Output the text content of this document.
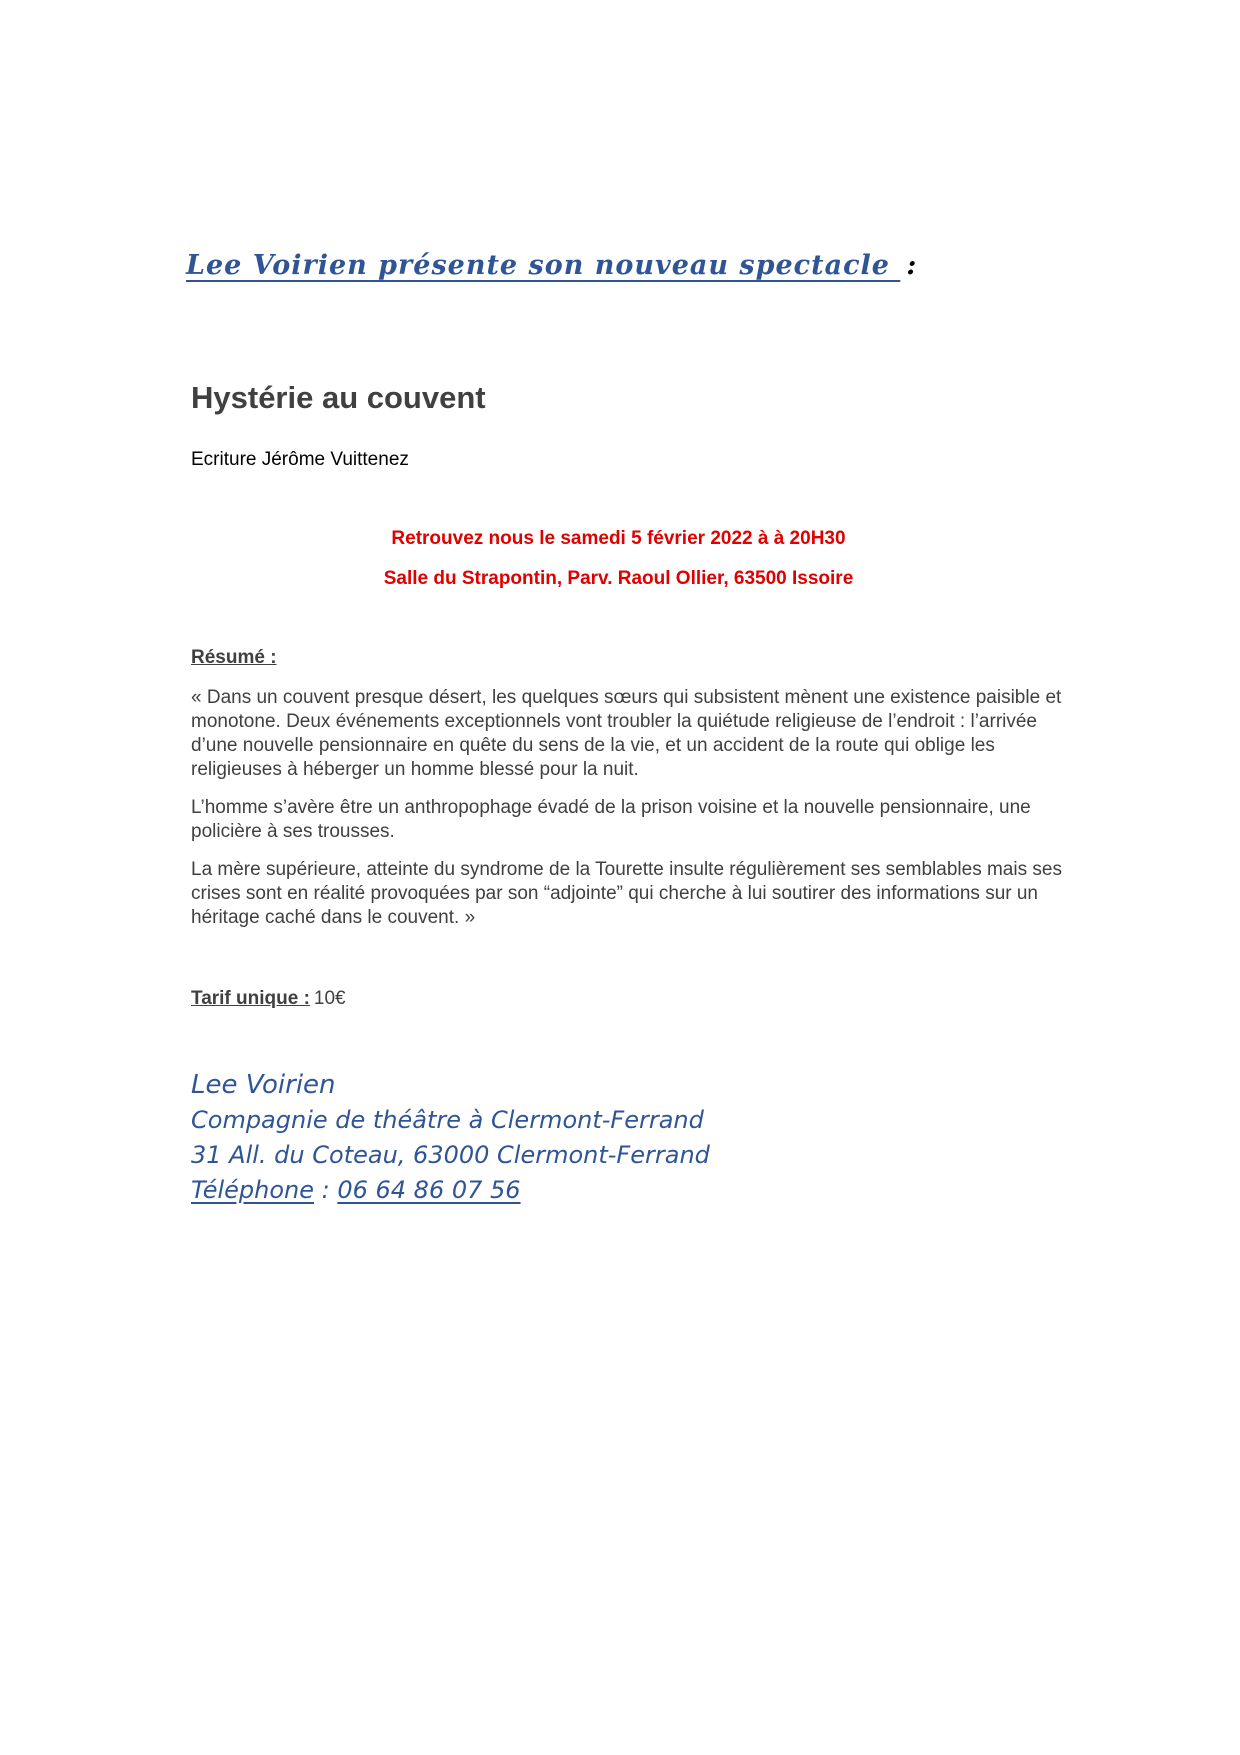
Lee Voirien présente son nouveau spectacle :
Hystérie au couvent
Ecriture Jérôme Vuittenez
Retrouvez nous le samedi 5 février 2022 à à 20H30
Salle du Strapontin, Parv. Raoul Ollier, 63500 Issoire
Résumé :

« Dans un couvent presque désert, les quelques sœurs qui subsistent mènent une existence paisible et monotone. Deux événements exceptionnels vont troubler la quiétude religieuse de l’endroit : l’arrivée d’une nouvelle pensionnaire en quête du sens de la vie, et un accident de la route qui oblige les religieuses à héberger un homme blessé pour la nuit.

L’homme s’avère être un anthropophage évadé de la prison voisine et la nouvelle pensionnaire, une policière à ses trousses.

La mère supérieure, atteinte du syndrome de la Tourette insulte régulièrement ses semblables mais ses crises sont en réalité provoquées par son “adjointe” qui cherche à lui soutirer des informations sur un héritage caché dans le couvent. »

Tarif unique : 10€
Lee Voirien
Compagnie de théâtre à Clermont-Ferrand
31 All. du Coteau, 63000 Clermont-Ferrand
Téléphone : 06 64 86 07 56
